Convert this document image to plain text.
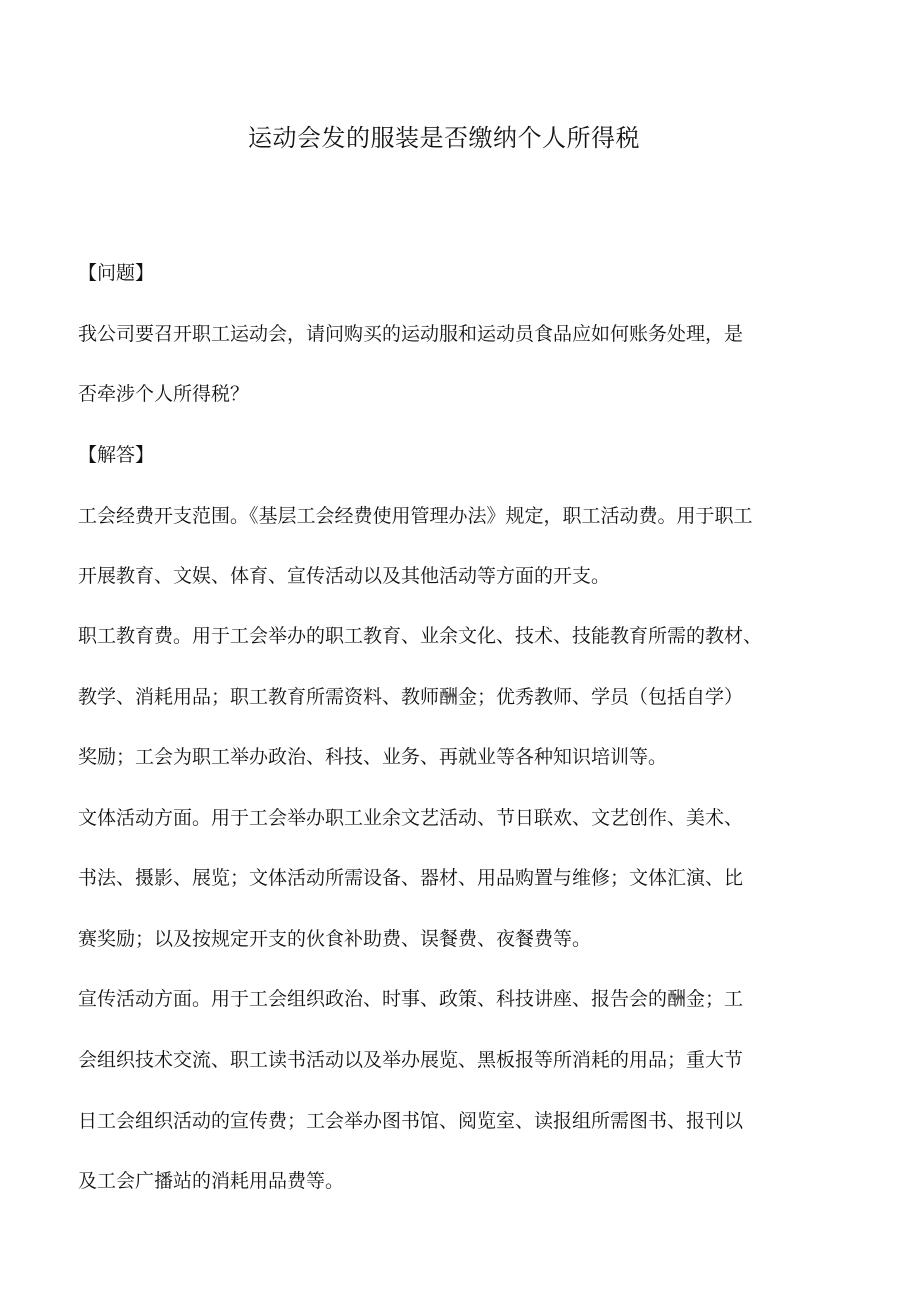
运动会发的服装是否缴纳个人所得税

【问题】

我公司要召开职工运动会，请问购买的运动服和运动员食品应如何账务处理，是

否牵涉个人所得税？

【解答】

工会经费开支范围。《基层工会经费使用管理办法》规定，职工活动费。用于职工

开展教育、文娱、体育、宣传活动以及其他活动等方面的开支。

职工教育费。用于工会举办的职工教育、业余文化、技术、技能教育所需的教材、

教学、消耗用品；职工教育所需资料、教师酬金；优秀教师、学员（包括自学）

奖励；工会为职工举办政治、科技、业务、再就业等各种知识培训等。

文体活动方面。用于工会举办职工业余文艺活动、节日联欢、文艺创作、美术、

书法、摄影、展览；文体活动所需设备、器材、用品购置与维修；文体汇演、比

赛奖励；以及按规定开支的伙食补助费、误餐费、夜餐费等。

宣传活动方面。用于工会组织政治、时事、政策、科技讲座、报告会的酬金；工

会组织技术交流、职工读书活动以及举办展览、黑板报等所消耗的用品；重大节

日工会组织活动的宣传费；工会举办图书馆、阅览室、读报组所需图书、报刊以

及工会广播站的消耗用品费等。
